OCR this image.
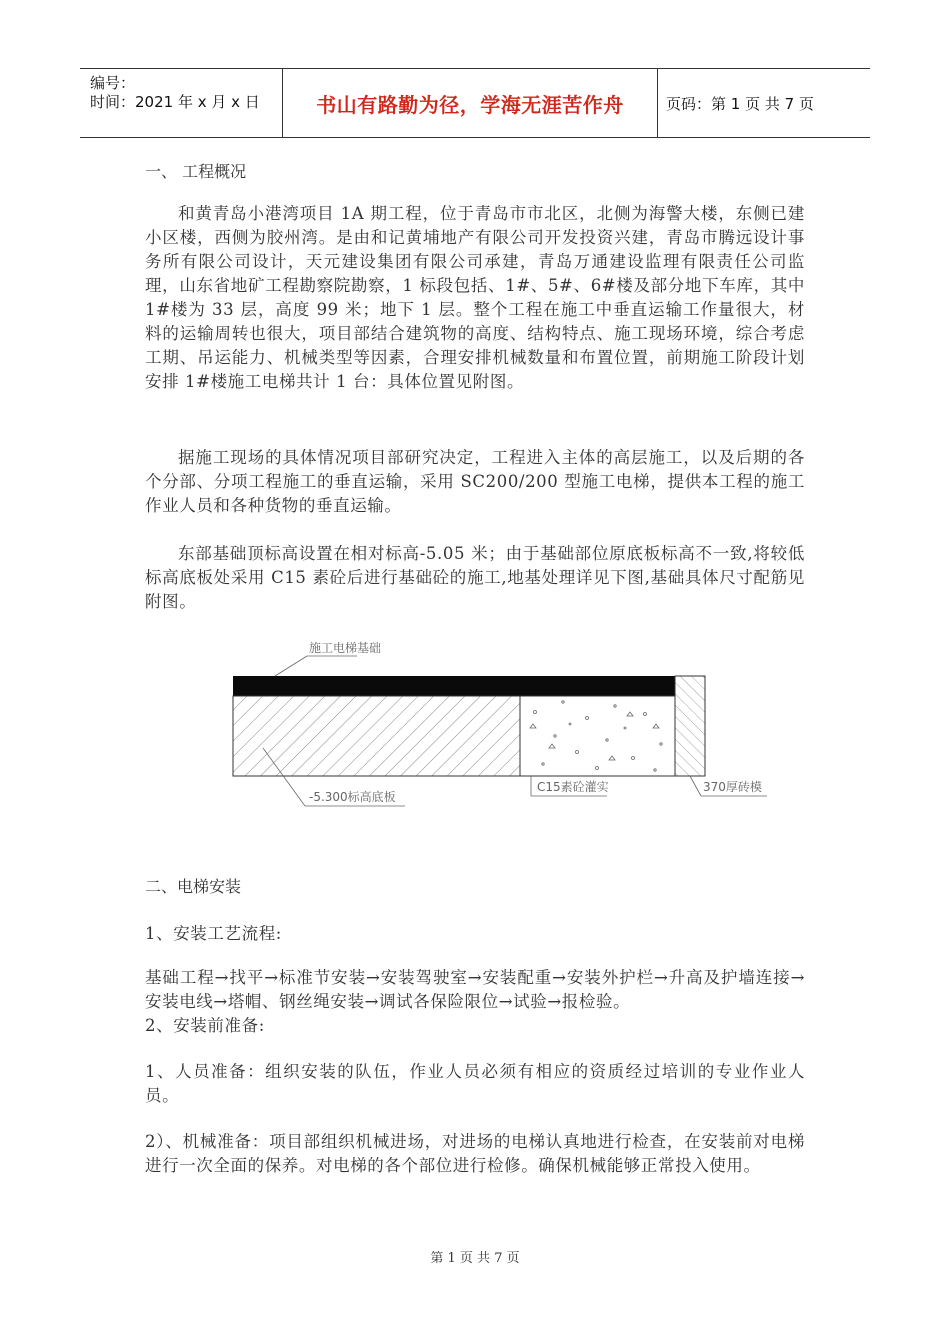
编号：
时间：2021 年 x 月 x 日	书山有路勤为径，学海无涯苦作舟	页码：第 1 页 共 7 页
一、 工程概况
和黄青岛小港湾项目 1A 期工程，位于青岛市市北区，北侧为海警大楼，东侧已建小区楼，西侧为胶州湾。是由和记黄埔地产有限公司开发投资兴建，青岛市腾远设计事务所有限公司设计，天元建设集团有限公司承建，青岛万通建设监理有限责任公司监理，山东省地矿工程勘察院勘察，1 标段包括、1#、5#、6#楼及部分地下车库，其中 1#楼为 33 层，高度 99 米；地下 1 层。整个工程在施工中垂直运输工作量很大，材料的运输周转也很大，项目部结合建筑物的高度、结构特点、施工现场环境，综合考虑工期、吊运能力、机械类型等因素，合理安排机械数量和布置位置，前期施工阶段计划安排 1#楼施工电梯共计 1 台：具体位置见附图。
据施工现场的具体情况项目部研究决定，工程进入主体的高层施工，以及后期的各个分部、分项工程施工的垂直运输，采用 SC200/200 型施工电梯，提供本工程的施工作业人员和各种货物的垂直运输。
东部基础顶标高设置在相对标高-5.05 米；由于基础部位原底板标高不一致,将较低标高底板处采用 C15 素砼后进行基础砼的施工,地基处理详见下图,基础具体尺寸配筋见附图。
施工电梯基础
-5.300标高底板
C15素砼灌实	370厚砖模
二、电梯安装
1、安装工艺流程:
基础工程→找平→标准节安装→安装驾驶室→安装配重→安装外护栏→升高及护墙连接→安装电线→塔帽、钢丝绳安装→调试各保险限位→试验→报检验。
2、安装前准备:
1、人员准备：组织安装的队伍，作业人员必须有相应的资质经过培训的专业作业人员。
2）、机械准备：项目部组织机械进场，对进场的电梯认真地进行检查，在安装前对电梯进行一次全面的保养。对电梯的各个部位进行检修。确保机械能够正常投入使用。
第 1 页 共 7 页
